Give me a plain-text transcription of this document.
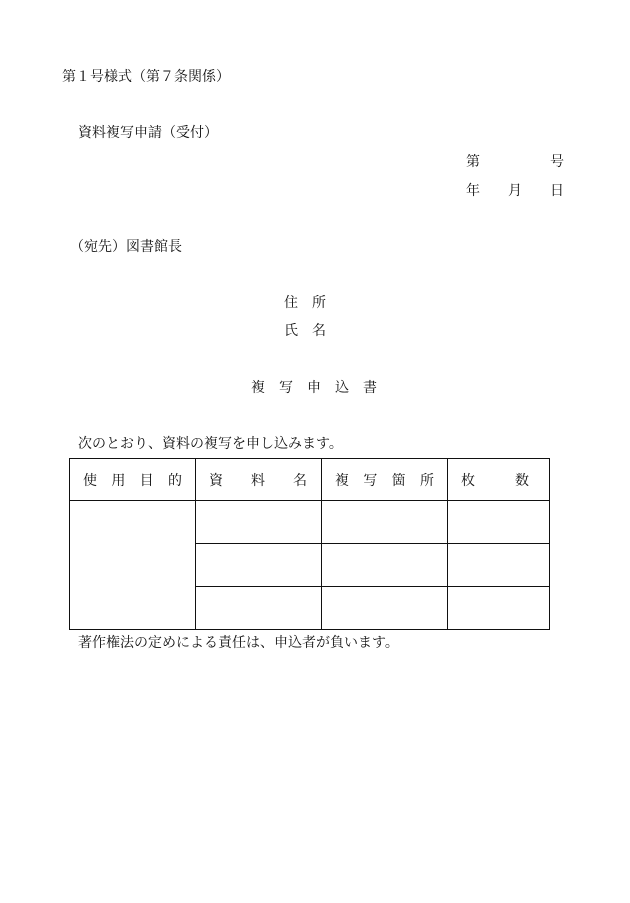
第１号様式（第７条関係）
資料複写申請（受付）
第	号
年 月 日
（宛先）図書館長
住 所
氏 名
複 写 申 込 書
次のとおり、資料の複写を申し込みます。
使 用 目 的	資 料 名	複 写 箇 所	枚 数

著作権法の定めによる責任は、申込者が負います。
